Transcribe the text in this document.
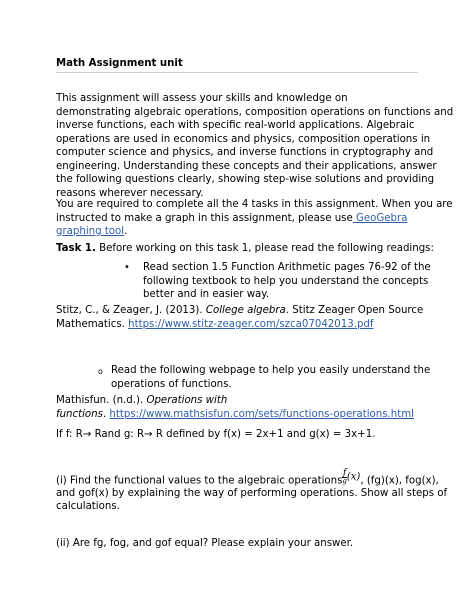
Math Assignment unit
This assignment will assess your skills and knowledge on
demonstrating algebraic operations, composition operations on functions and
inverse functions, each with specific real-world applications. Algebraic
operations are used in economics and physics, composition operations in
computer science and physics, and inverse functions in cryptography and
engineering. Understanding these concepts and their applications, answer
the following questions clearly, showing step-wise solutions and providing
reasons wherever necessary.
You are required to complete all the 4 tasks in this assignment. When you are
instructed to make a graph in this assignment, please use GeoGebra
graphing tool.
Task 1. Before working on this task 1, please read the following readings:
• Read section 1.5 Function Arithmetic pages 76-92 of the
following textbook to help you understand the concepts
better and in easier way.
Stitz, C., & Zeager, J. (2013). College algebra. Stitz Zeager Open Source
Mathematics. https://www.stitz-zeager.com/szca07042013.pdf
o Read the following webpage to help you easily understand the
operations of functions.
Mathisfun. (n.d.). Operations with
functions. https://www.mathsisfun.com/sets/functions-operations.html
If f: R→ Rand g: R→ R defined by f(x) = 2x+1 and g(x) = 3x+1.
(i) Find the functional values to the algebraic operations
f
g (x), (fg)(x), fog(x),
and gof(x) by explaining the way of performing operations. Show all steps of
calculations.
(ii) Are fg, fog, and gof equal? Please explain your answer.
